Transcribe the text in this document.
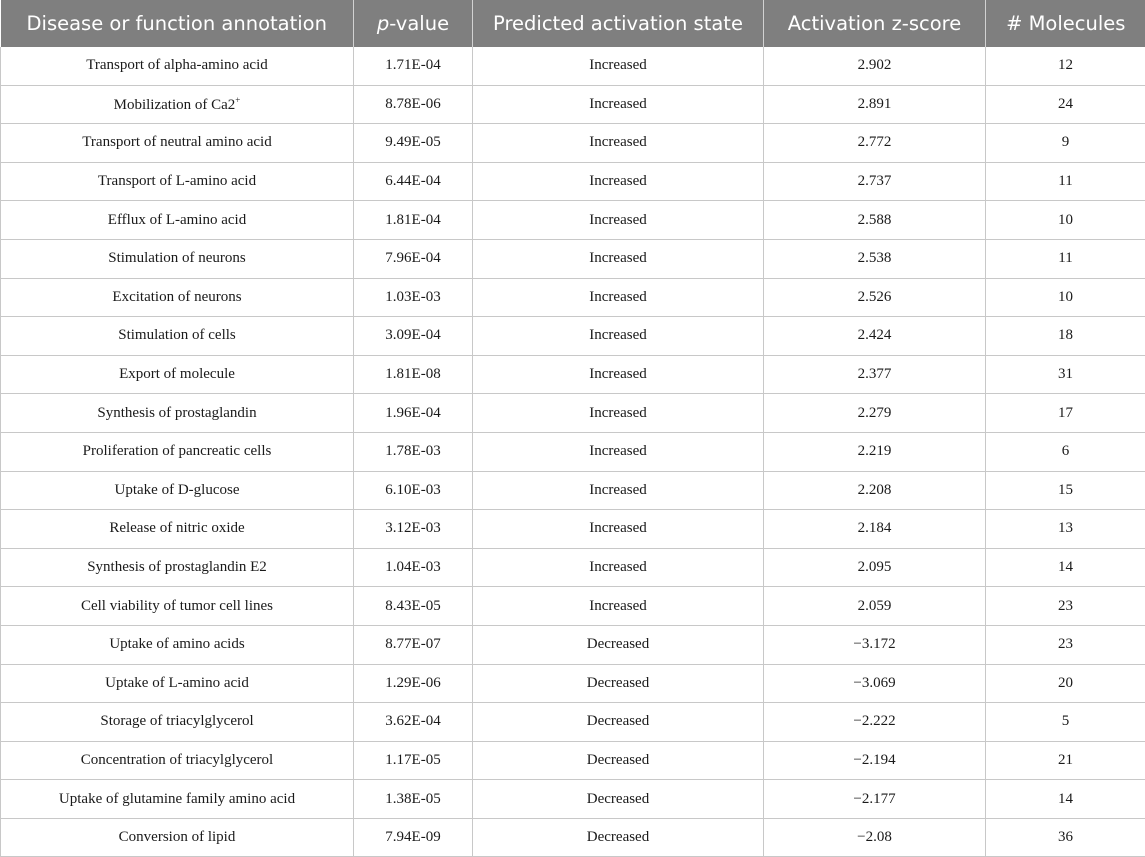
Disease or function annotation	p-value	Predicted activation state	Activation z-score	# Molecules
Transport of alpha-amino acid	1.71E-04	Increased	2.902	12
Mobilization of Ca2+	8.78E-06	Increased	2.891	24
Transport of neutral amino acid	9.49E-05	Increased	2.772	9
Transport of L-amino acid	6.44E-04	Increased	2.737	11
Efflux of L-amino acid	1.81E-04	Increased	2.588	10
Stimulation of neurons	7.96E-04	Increased	2.538	11
Excitation of neurons	1.03E-03	Increased	2.526	10
Stimulation of cells	3.09E-04	Increased	2.424	18
Export of molecule	1.81E-08	Increased	2.377	31
Synthesis of prostaglandin	1.96E-04	Increased	2.279	17
Proliferation of pancreatic cells	1.78E-03	Increased	2.219	6
Uptake of D-glucose	6.10E-03	Increased	2.208	15
Release of nitric oxide	3.12E-03	Increased	2.184	13
Synthesis of prostaglandin E2	1.04E-03	Increased	2.095	14
Cell viability of tumor cell lines	8.43E-05	Increased	2.059	23
Uptake of amino acids	8.77E-07	Decreased	−3.172	23
Uptake of L-amino acid	1.29E-06	Decreased	−3.069	20
Storage of triacylglycerol	3.62E-04	Decreased	−2.222	5
Concentration of triacylglycerol	1.17E-05	Decreased	−2.194	21
Uptake of glutamine family amino acid	1.38E-05	Decreased	−2.177	14
Conversion of lipid	7.94E-09	Decreased	−2.08	36
